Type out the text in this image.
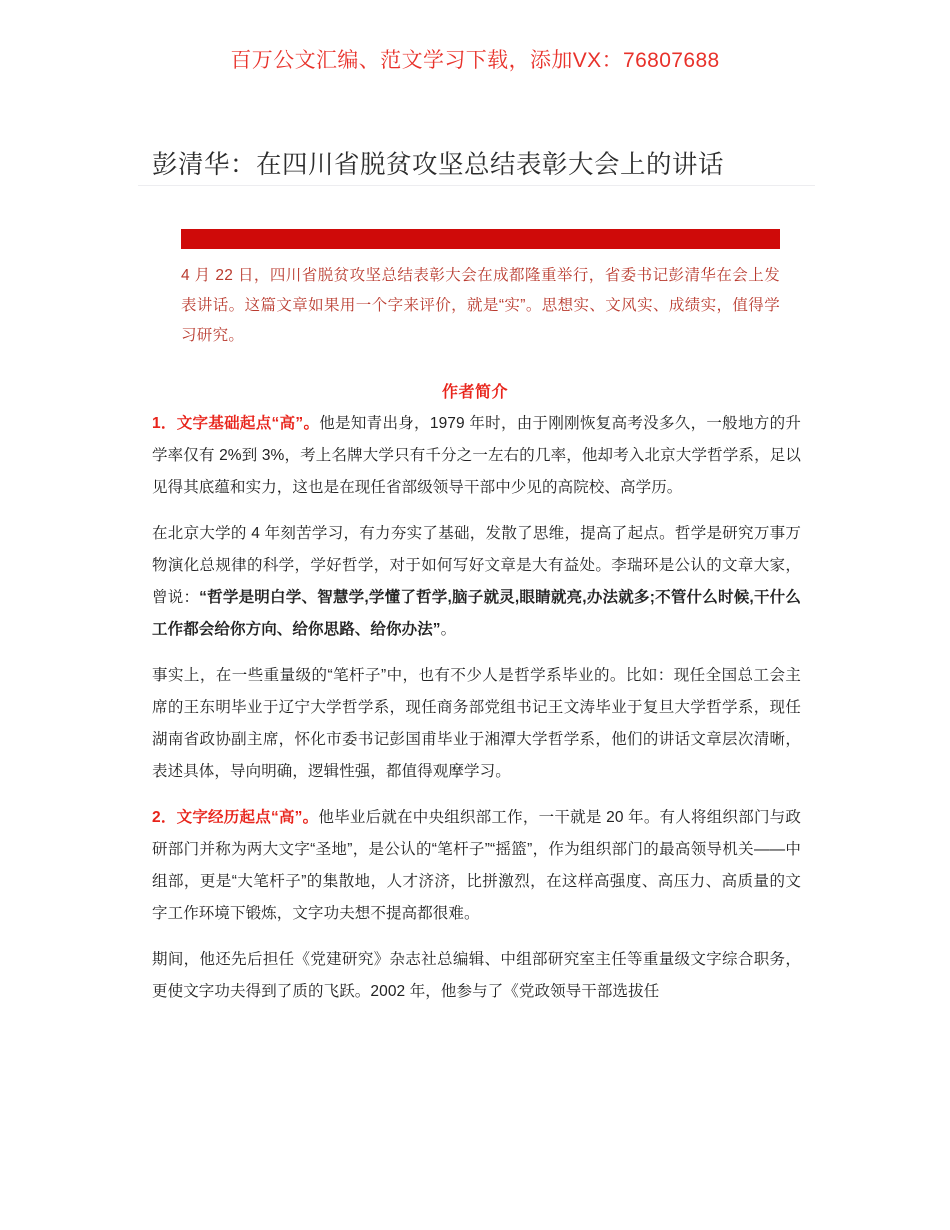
百万公文汇编、范文学习下载，添加VX：76807688
彭清华：在四川省脱贫攻坚总结表彰大会上的讲话
4 月 22 日，四川省脱贫攻坚总结表彰大会在成都隆重举行，省委书记彭清华在会上发表讲话。这篇文章如果用一个字来评价，就是“实”。思想实、文风实、成绩实，值得学习研究。
作者简介

1．文字基础起点“高”。他是知青出身，1979 年时，由于刚刚恢复高考没多久，一般地方的升学率仅有 2%到 3%，考上名牌大学只有千分之一左右的几率，他却考入北京大学哲学系，足以见得其底蕴和实力，这也是在现任省部级领导干部中少见的高院校、高学历。

在北京大学的 4 年刻苦学习，有力夯实了基础，发散了思维，提高了起点。哲学是研究万事万物演化总规律的科学，学好哲学，对于如何写好文章是大有益处。李瑞环是公认的文章大家，曾说：“哲学是明白学、智慧学,学懂了哲学,脑子就灵,眼睛就亮,办法就多;不管什么时候,干什么工作都会给你方向、给你思路、给你办法”。

事实上，在一些重量级的“笔杆子”中，也有不少人是哲学系毕业的。比如：现任全国总工会主席的王东明毕业于辽宁大学哲学系，现任商务部党组书记王文涛毕业于复旦大学哲学系，现任湖南省政协副主席，怀化市委书记彭国甫毕业于湘潭大学哲学系，他们的讲话文章层次清晰，表述具体，导向明确，逻辑性强，都值得观摩学习。

2．文字经历起点“高”。他毕业后就在中央组织部工作，一干就是 20 年。有人将组织部门与政研部门并称为两大文字“圣地”，是公认的“笔杆子”“摇篮”，作为组织部门的最高领导机关——中组部，更是“大笔杆子”的集散地，人才济济，比拼激烈，在这样高强度、高压力、高质量的文字工作环境下锻炼，文字功夫想不提高都很难。

期间，他还先后担任《党建研究》杂志社总编辑、中组部研究室主任等重量级文字综合职务，更使文字功夫得到了质的飞跃。2002 年，他参与了《党政领导干部选拔任
